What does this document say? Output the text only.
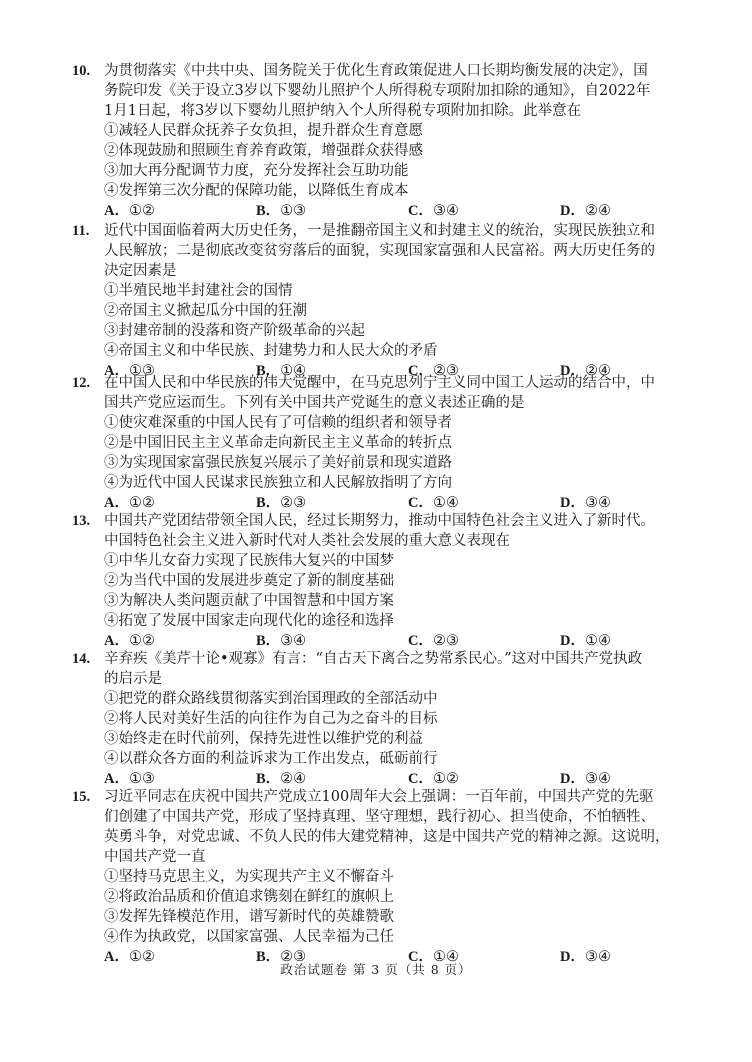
10. 为贯彻落实《中共中央、国务院关于优化生育政策促进人口长期均衡发展的决定》，国
务院印发《关于设立3岁以下婴幼儿照护个人所得税专项附加扣除的通知》，自2022年
1月1日起，将3岁以下婴幼儿照护纳入个人所得税专项附加扣除。此举意在
①减轻人民群众抚养子女负担，提升群众生育意愿
②体现鼓励和照顾生育养育政策，增强群众获得感
③加大再分配调节力度，充分发挥社会互助功能
④发挥第三次分配的保障功能，以降低生育成本
A．①②	B．①③	C．③④	D．②④
11. 近代中国面临着两大历史任务，一是推翻帝国主义和封建主义的统治，实现民族独立和
人民解放；二是彻底改变贫穷落后的面貌，实现国家富强和人民富裕。两大历史任务的
决定因素是
①半殖民地半封建社会的国情
②帝国主义掀起瓜分中国的狂潮
③封建帝制的没落和资产阶级革命的兴起
④帝国主义和中华民族、封建势力和人民大众的矛盾
A．①③	B．①④	C．②③	D．②④
12. 在中国人民和中华民族的伟大觉醒中，在马克思列宁主义同中国工人运动的结合中，中
国共产党应运而生。下列有关中国共产党诞生的意义表述正确的是
①使灾难深重的中国人民有了可信赖的组织者和领导者
②是中国旧民主主义革命走向新民主主义革命的转折点
③为实现国家富强民族复兴展示了美好前景和现实道路
④为近代中国人民谋求民族独立和人民解放指明了方向
A．①②	B．②③	C．①④	D．③④
13. 中国共产党团结带领全国人民，经过长期努力，推动中国特色社会主义进入了新时代。
中国特色社会主义进入新时代对人类社会发展的重大意义表现在
①中华儿女奋力实现了民族伟大复兴的中国梦
②为当代中国的发展进步奠定了新的制度基础
③为解决人类问题贡献了中国智慧和中国方案
④拓宽了发展中国家走向现代化的途径和选择
A．①②	B．③④	C．②③	D．①④
14. 辛弃疾《美芹十论•观寡》有言：“自古天下离合之势常系民心。”这对中国共产党执政
的启示是
①把党的群众路线贯彻落实到治国理政的全部活动中
②将人民对美好生活的向往作为自己为之奋斗的目标
③始终走在时代前列，保持先进性以维护党的利益
④以群众各方面的利益诉求为工作出发点，砥砺前行
A．①③	B．②④	C．①②	D．③④
15. 习近平同志在庆祝中国共产党成立100周年大会上强调：一百年前，中国共产党的先驱
们创建了中国共产党，形成了坚持真理、坚守理想，践行初心、担当使命，不怕牺牲、
英勇斗争，对党忠诚、不负人民的伟大建党精神，这是中国共产党的精神之源。这说明，
中国共产党一直
①坚持马克思主义，为实现共产主义不懈奋斗
②将政治品质和价值追求镌刻在鲜红的旗帜上
③发挥先锋模范作用，谱写新时代的英雄赞歌
④作为执政党，以国家富强、人民幸福为己任
A．①②	B．②③	C．①④	D．③④
政治试题卷 第 3 页（共 8 页）
